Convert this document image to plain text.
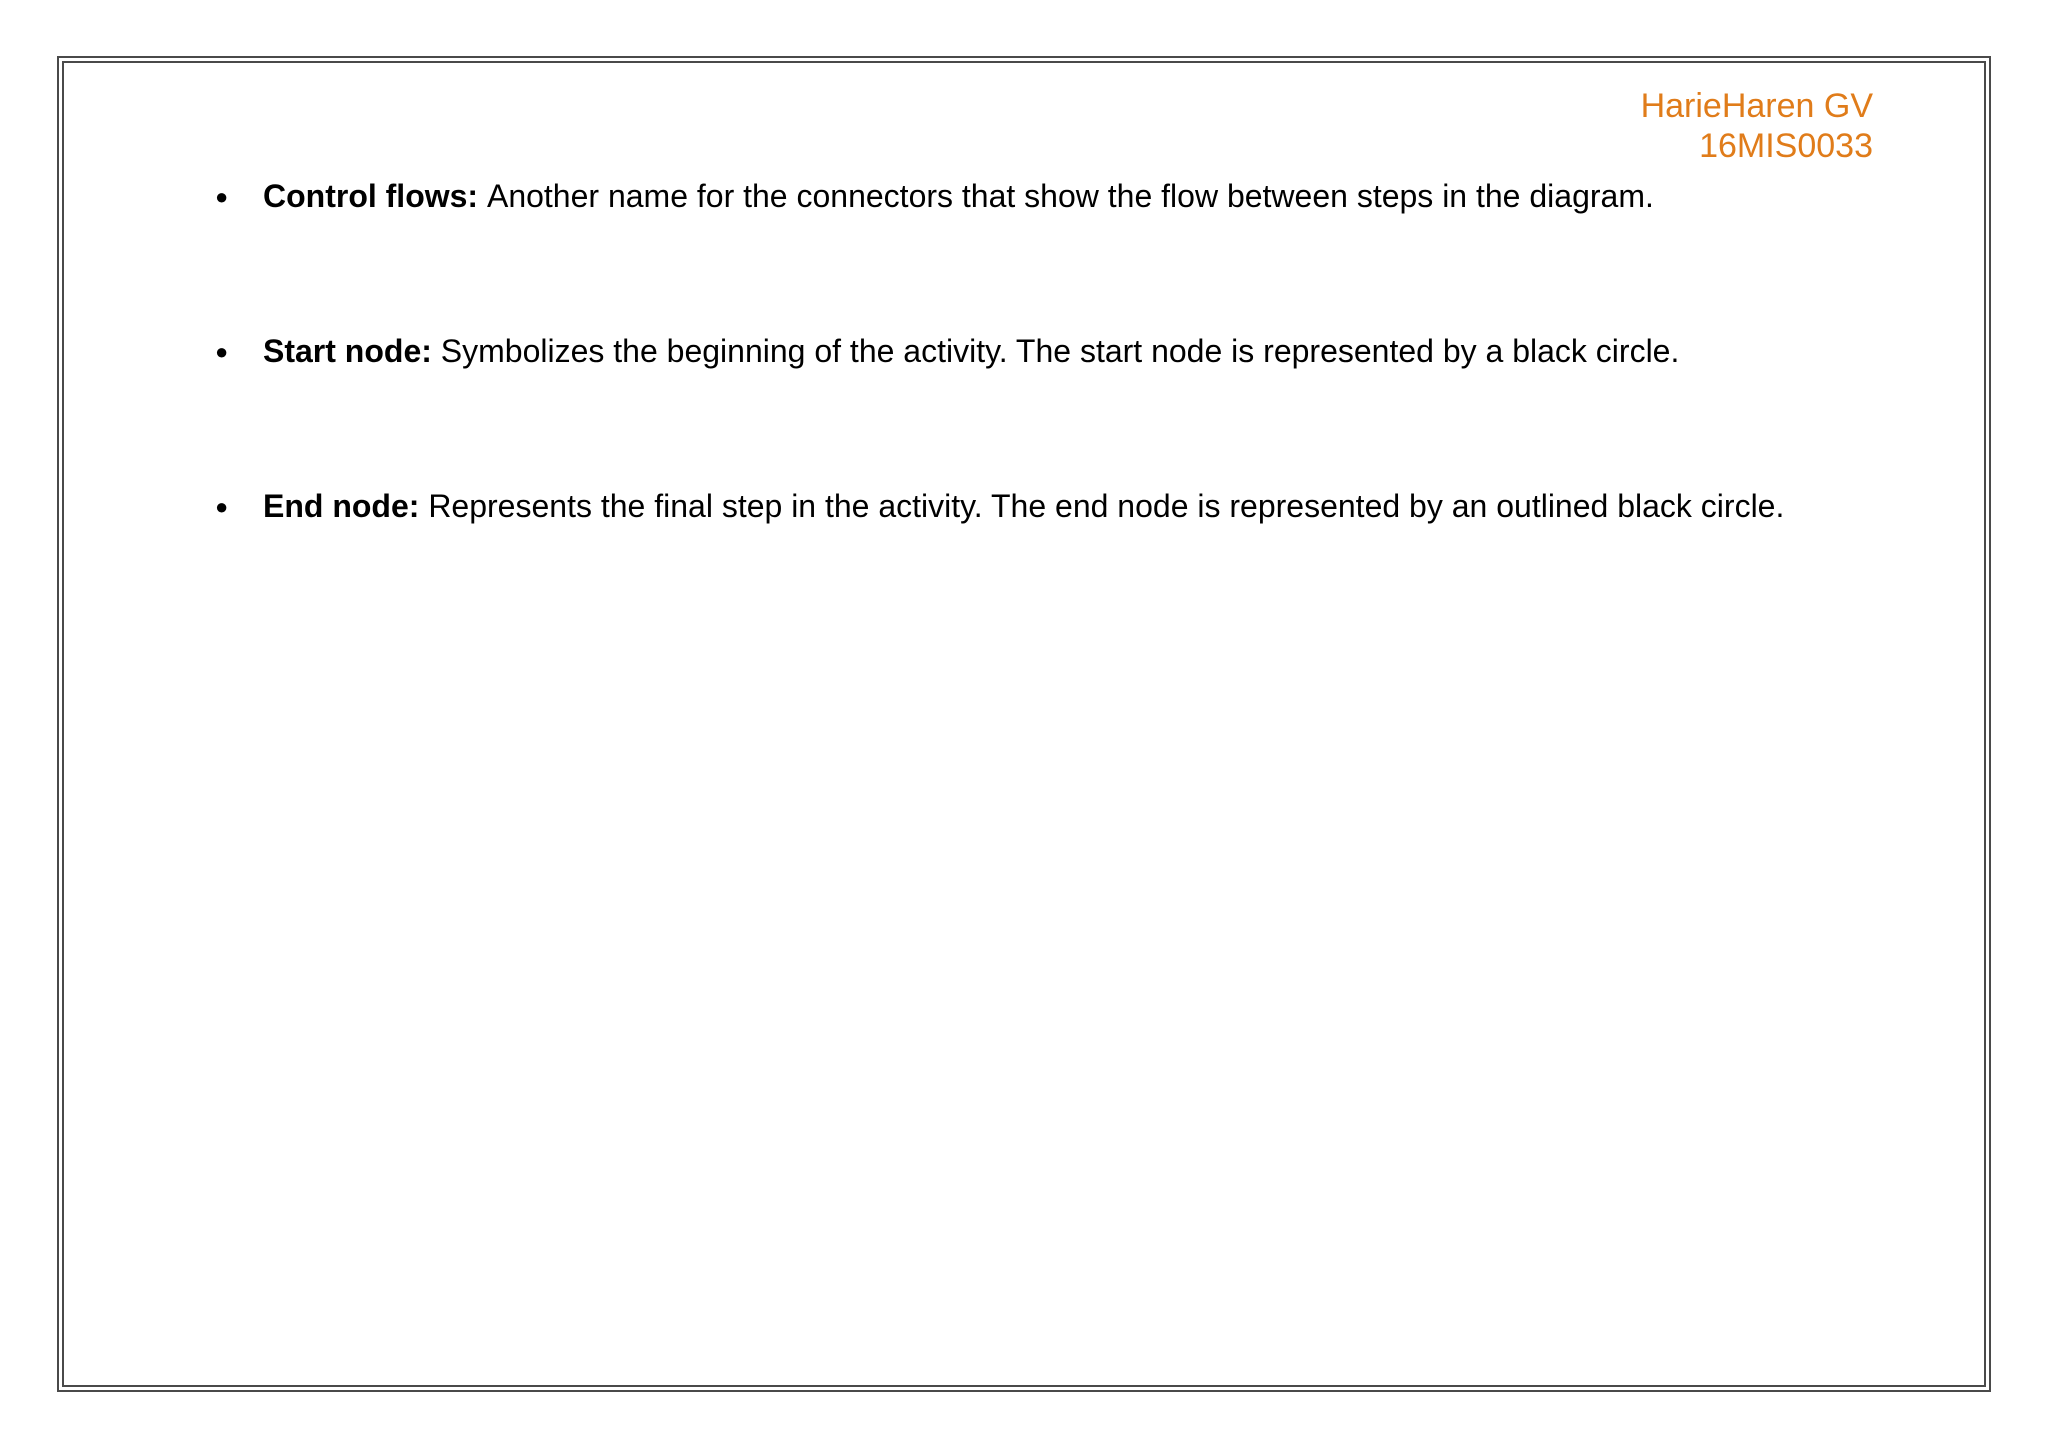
HarieHaren GV
16MIS0033
● Control flows: Another name for the connectors that show the flow between steps in the diagram.
● Start node: Symbolizes the beginning of the activity. The start node is represented by a black circle.
● End node: Represents the final step in the activity. The end node is represented by an outlined black circle.
